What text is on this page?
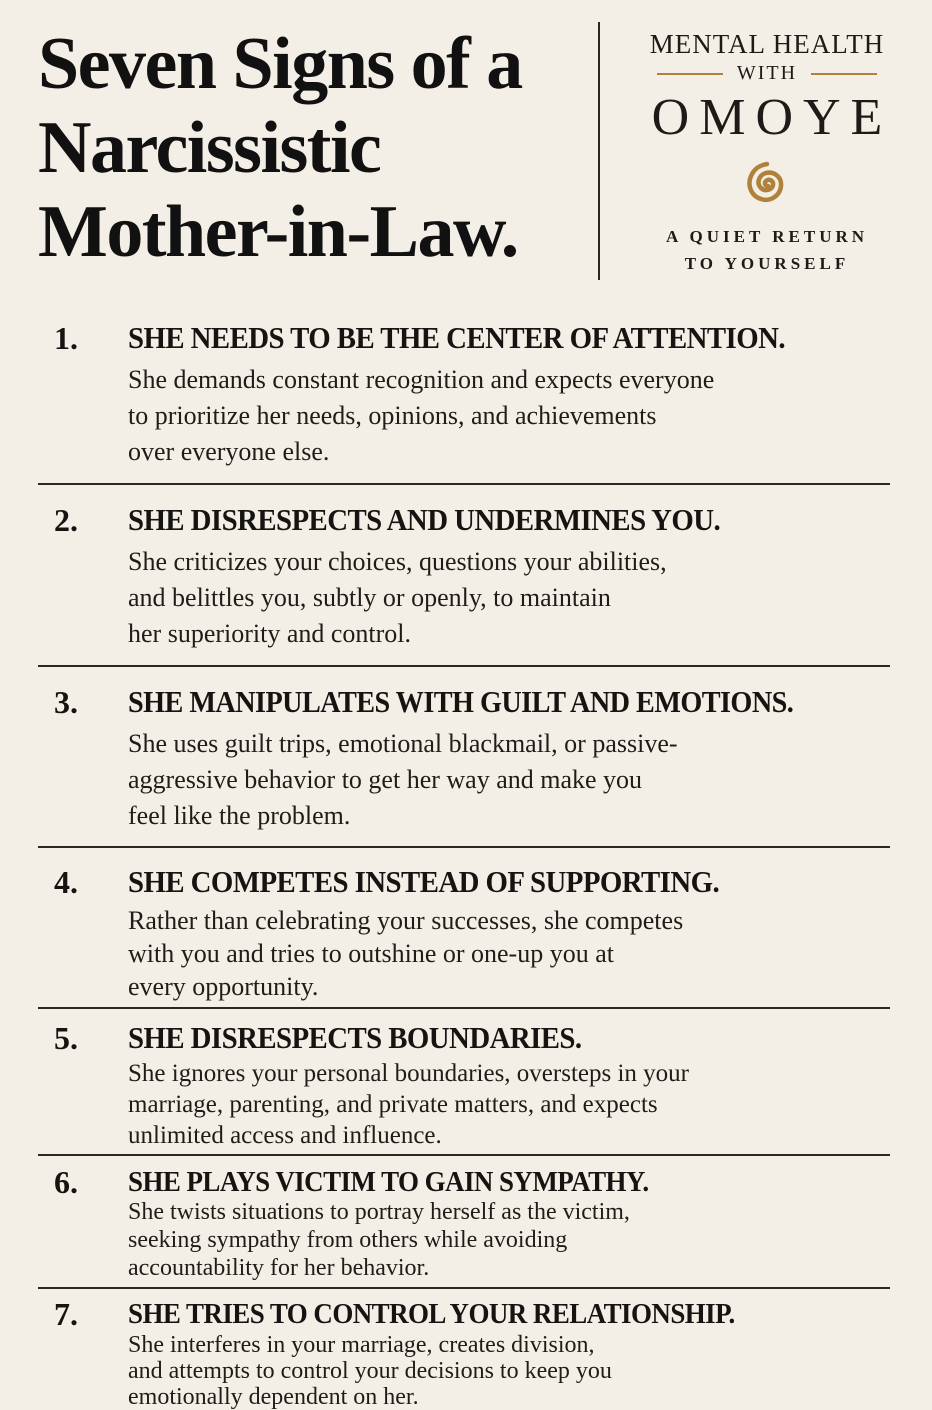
Seven Signs of a
Narcissistic
Mother-in-Law.
MENTAL HEALTH
WITH
OMOYE
A QUIET RETURN
TO YOURSELF
1. SHE NEEDS TO BE THE CENTER OF ATTENTION.

She demands constant recognition and expects everyone
to prioritize her needs, opinions, and achievements
over everyone else.

2. SHE DISRESPECTS AND UNDERMINES YOU.

She criticizes your choices, questions your abilities,
and belittles you, subtly or openly, to maintain
her superiority and control.

3. SHE MANIPULATES WITH GUILT AND EMOTIONS.

She uses guilt trips, emotional blackmail, or passive-
aggressive behavior to get her way and make you
feel like the problem.

4. SHE COMPETES INSTEAD OF SUPPORTING.

Rather than celebrating your successes, she competes
with you and tries to outshine or one-up you at
every opportunity.

5. SHE DISRESPECTS BOUNDARIES.

She ignores your personal boundaries, oversteps in your
marriage, parenting, and private matters, and expects
unlimited access and influence.

6. SHE PLAYS VICTIM TO GAIN SYMPATHY.

She twists situations to portray herself as the victim,
seeking sympathy from others while avoiding
accountability for her behavior.

7. SHE TRIES TO CONTROL YOUR RELATIONSHIP.

She interferes in your marriage, creates division,
and attempts to control your decisions to keep you
emotionally dependent on her.
